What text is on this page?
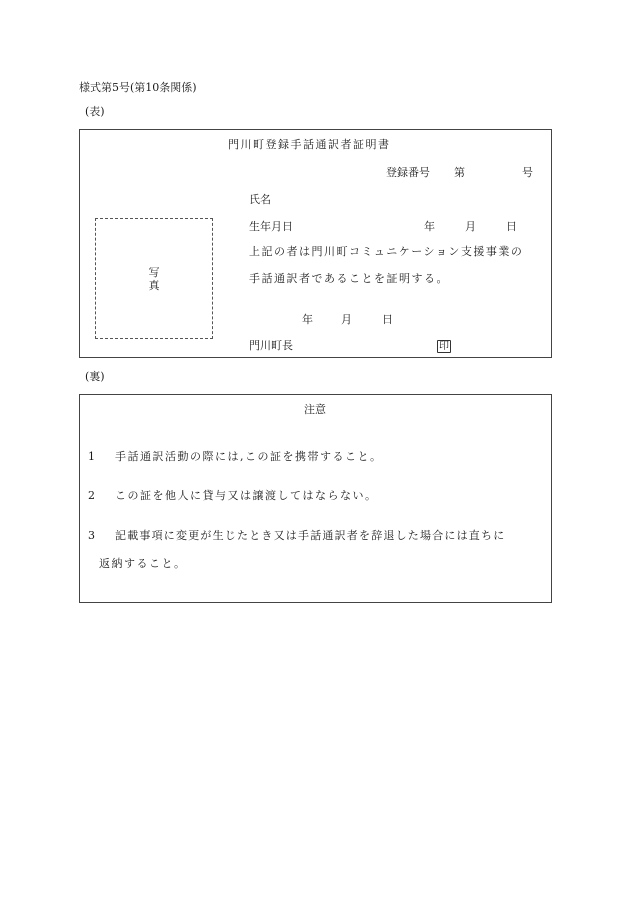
様式第5号(第10条関係)
(表)
門川町登録手話通訳者証明書
登録番号 第	号
写
真
氏名
生年月日	年	月	日
上記の者は門川町コミュニケーション支援事業の
手話通訳者であることを証明する。
年	月	日
門川町長	印
(裏)
注意
1 手話通訳活動の際には,この証を携帯すること。
2 この証を他人に貸与又は譲渡してはならない。
3 記載事項に変更が生じたとき又は手話通訳者を辞退した場合には直ちに
返納すること。
